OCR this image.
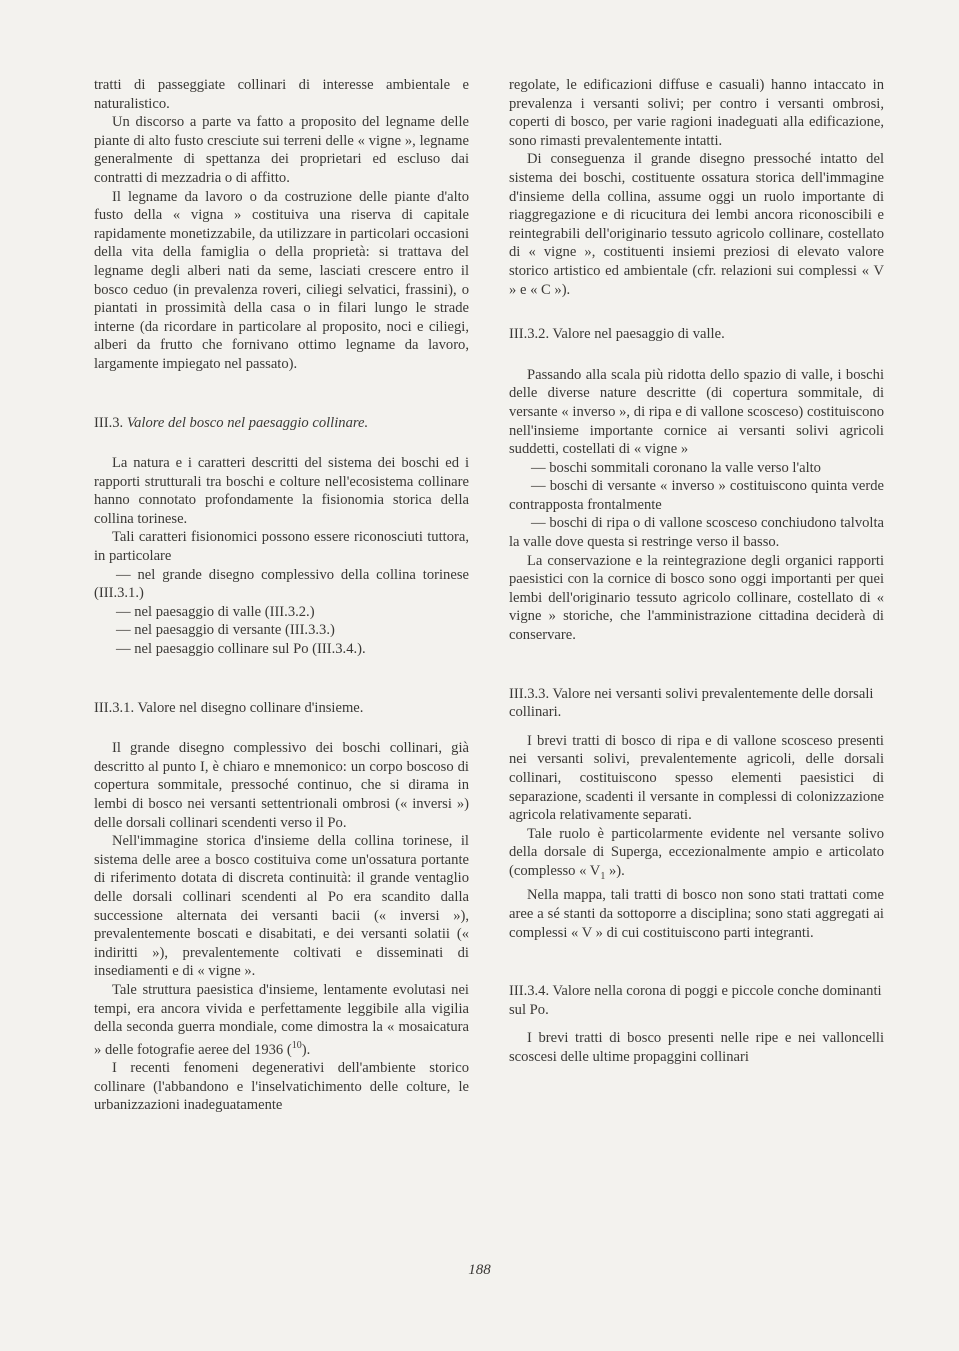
tratti di passeggiate collinari di interesse ambientale e naturalistico.

Un discorso a parte va fatto a proposito del legname delle piante di alto fusto cresciute sui terreni delle « vigne », legname generalmente di spettanza dei proprietari ed escluso dai contratti di mezzadria o di affitto.

Il legname da lavoro o da costruzione delle piante d'alto fusto della « vigna » costituiva una riserva di capitale rapidamente monetizzabile, da utilizzare in particolari occasioni della vita della famiglia o della proprietà: si trattava del legname degli alberi nati da seme, lasciati crescere entro il bosco ceduo (in prevalenza roveri, ciliegi selvatici, frassini), o piantati in prossimità della casa o in filari lungo le strade interne (da ricordare in particolare al proposito, noci e ciliegi, alberi da frutto che fornivano ottimo legname da lavoro, largamente impiegato nel passato).

III.3. Valore del bosco nel paesaggio collinare.

La natura e i caratteri descritti del sistema dei boschi ed i rapporti strutturali tra boschi e colture nell'ecosistema collinare hanno connotato profondamente la fisionomia storica della collina torinese.

Tali caratteri fisionomici possono essere riconosciuti tuttora, in particolare

— nel grande disegno complessivo della collina torinese (III.3.1.)

— nel paesaggio di valle (III.3.2.)

— nel paesaggio di versante (III.3.3.)

— nel paesaggio collinare sul Po (III.3.4.).

III.3.1. Valore nel disegno collinare d'insieme.

Il grande disegno complessivo dei boschi collinari, già descritto al punto I, è chiaro e mnemonico: un corpo boscoso di copertura sommitale, pressoché continuo, che si dirama in lembi di bosco nei versanti settentrionali ombrosi (« inversi ») delle dorsali collinari scendenti verso il Po.

Nell'immagine storica d'insieme della collina torinese, il sistema delle aree a bosco costituiva come un'ossatura portante di riferimento dotata di discreta continuità: il grande ventaglio delle dorsali collinari scendenti al Po era scandito dalla successione alternata dei versanti bacii (« inversi »), prevalentemente boscati e disabitati, e dei versanti solatii (« indiritti »), prevalentemente coltivati e disseminati di insediamenti e di « vigne ».

Tale struttura paesistica d'insieme, lentamente evolutasi nei tempi, era ancora vivida e perfettamente leggibile alla vigilia della seconda guerra mondiale, come dimostra la « mosaicatura » delle fotografie aeree del 1936 ($^{10}$).

I recenti fenomeni degenerativi dell'ambiente storico collinare (l'abbandono e l'inselvatichimento delle colture, le urbanizzazioni inadeguatamente

regolate, le edificazioni diffuse e casuali) hanno intaccato in prevalenza i versanti solivi; per contro i versanti ombrosi, coperti di bosco, per varie ragioni inadeguati alla edificazione, sono rimasti prevalentemente intatti.

Di conseguenza il grande disegno pressoché intatto del sistema dei boschi, costituente ossatura storica dell'immagine d'insieme della collina, assume oggi un ruolo importante di riaggregazione e di ricucitura dei lembi ancora riconoscibili e reintegrabili dell'originario tessuto agricolo collinare, costellato di « vigne », costituenti insiemi preziosi di elevato valore storico artistico ed ambientale (cfr. relazioni sui complessi « V » e « C »).

III.3.2. Valore nel paesaggio di valle.

Passando alla scala più ridotta dello spazio di valle, i boschi delle diverse nature descritte (di copertura sommitale, di versante « inverso », di ripa e di vallone scosceso) costituiscono nell'insieme importante cornice ai versanti solivi agricoli suddetti, costellati di « vigne »

— boschi sommitali coronano la valle verso l'alto

— boschi di versante « inverso » costituiscono quinta verde contrapposta frontalmente

— boschi di ripa o di vallone scosceso conchiudono talvolta la valle dove questa si restringe verso il basso.

La conservazione e la reintegrazione degli organici rapporti paesistici con la cornice di bosco sono oggi importanti per quei lembi dell'originario tessuto agricolo collinare, costellato di « vigne » storiche, che l'amministrazione cittadina deciderà di conservare.

III.3.3. Valore nei versanti solivi prevalentemente delle dorsali collinari.

I brevi tratti di bosco di ripa e di vallone scosceso presenti nei versanti solivi, prevalentemente agricoli, delle dorsali collinari, costituiscono spesso elementi paesistici di separazione, scadenti il versante in complessi di colonizzazione agricola relativamente separati.

Tale ruolo è particolarmente evidente nel versante solivo della dorsale di Superga, eccezionalmente ampio e articolato (complesso « $V_1$ »).

Nella mappa, tali tratti di bosco non sono stati trattati come aree a sé stanti da sottoporre a disciplina; sono stati aggregati ai complessi « V » di cui costituiscono parti integranti.

III.3.4. Valore nella corona di poggi e piccole conche dominanti sul Po.

I brevi tratti di bosco presenti nelle ripe e nei valloncelli scoscesi delle ultime propaggini collinari

188
